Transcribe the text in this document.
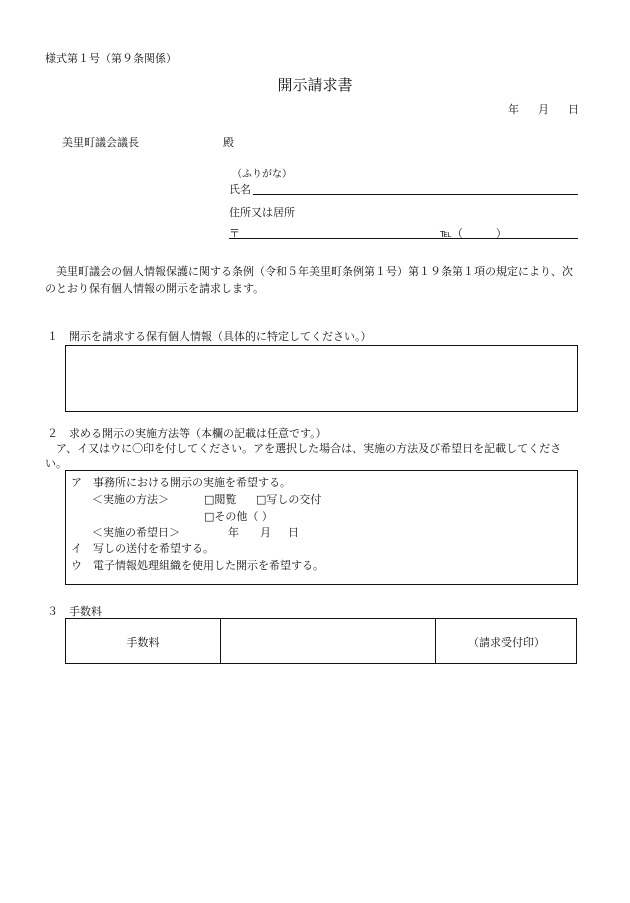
様式第１号（第９条関係）
開示請求書
年 月 日
美里町議会議長	殿
（ふりがな）
氏名
住所又は居所
〒	℡（　　　）
美里町議会の個人情報保護に関する条例（令和５年美里町条例第１号）第１９条第１項の規定により、次のとおり保有個人情報の開示を請求します。
１　開示を請求する保有個人情報（具体的に特定してください。）
２　求める開示の実施方法等（本欄の記載は任意です。）
ア、イ又はウに〇印を付してください。アを選択した場合は、実施の方法及び希望日を記載してください。
ア　事務所における開示の実施を希望する。
＜実施の方法＞	□閲覧 □写しの交付
□その他（ ）
＜実施の希望日＞	年 月 日
イ　写しの送付を希望する。
ウ　電子情報処理組織を使用した開示を希望する。
３　手数料
手数料	（請求受付印）
